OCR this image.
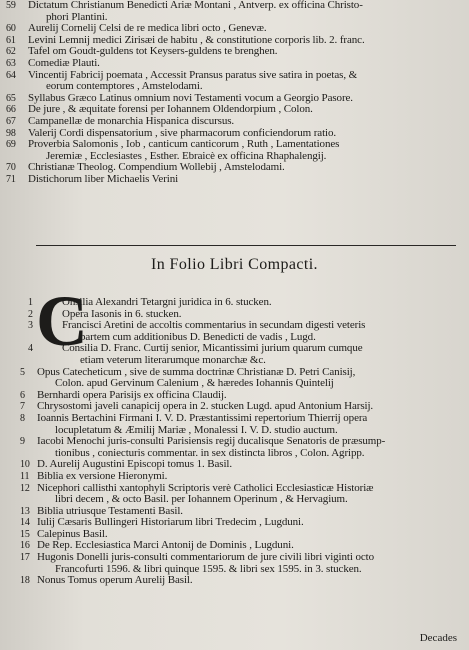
59 Dictatum Christianum Benedicti Ariæ Montani , Antverp. ex officina Christo-
phori Plantini.
60 Aurelij Cornelij Celsi de re medica libri octo , Genevæ.
61 Levini Lemnij medici Zirisæi de habitu , & constitutione corporis lib. 2. franc.
62 Tafel om Goudt-guldens tot Keysers-guldens te brenghen.
63 Comediæ Plauti.
64 Vincentij Fabricij poemata , Accessit Pransus paratus sive satira in poetas, &
eorum contemptores , Amstelodami.
65 Syllabus Græco Latinus omnium novi Testamenti vocum a Georgio Pasore.
66 De jure , & æquitate forensi per Iohannem Oldendorpium , Colon.
67 Campanellæ de monarchia Hispanica discursus.
98 Valerij Cordi dispensatorium , sive pharmacorum conficiendorum ratio.
69 Proverbia Salomonis , Iob , canticum canticorum , Ruth , Lamentationes
Jeremiæ , Ecclesiastes , Esther. Ebraicè ex officina Rhaphalengij.
70 Christianæ Theolog. Compendium Wollebij , Amstelodami.
71 Distichorum liber Michaelis Verini
In Folio Libri Compacti.
C
1	Onsilia Alexandri Tetargni juridica in 6. stucken.
2	Opera Iasonis in 6. stucken.
3	Francisci Aretini de accoltis commentarius in secundam digesti veteris
partem cum additionibus D. Benedicti de vadis , Lugd.
4	Consilia D. Franc. Curtij senior, Micantissimi jurium quarum cumque
etiam veterum literarumque monarchæ &c.
5 Opus Catecheticum , sive de summa doctrinæ Christianæ D. Petri Canisij,
Colon. apud Gervinum Calenium , & hæredes Iohannis Quintelij
6 Bernhardi opera Parisijs ex officina Claudij.
7 Chrysostomi javeli canapicij opera in 2. stucken Lugd. apud Antonium Harsij.
8 Ioannis Bertachini Firmani I. V. D. Præstantissimi repertorium Thierrij opera
locupletatum & Æmilij Mariæ , Monalessi I. V. D. studio auctum.
9 Iacobi Menochi juris-consulti Parisiensis regij ducalisque Senatoris de præsump-
tionibus , coniecturis commentar. in sex distincta libros , Colon. Agripp.
10 D. Aurelij Augustini Episcopi tomus 1. Basil.
11 Biblia ex versione Hieronymi.
12 Nicephori callisthi xantophyli Scriptoris verè Catholici Ecclesiasticæ Historiæ
libri decem , & octo Basil. per Iohannem Operinum , & Hervagium.
13 Biblia utriusque Testamenti Basil.
14 Iulij Cæsaris Bullingeri Historiarum libri Tredecim , Lugduni.
15 Calepinus Basil.
16 De Rep. Ecclesiastica Marci Antonij de Dominis , Lugduni.
17 Hugonis Donelli juris-consulti commentariorum de jure civili libri viginti octo
Francofurti 1596. & libri quinque 1595. & libri sex 1595. in 3. stucken.
18 Nonus Tomus operum Aurelij Basil.
Decades
